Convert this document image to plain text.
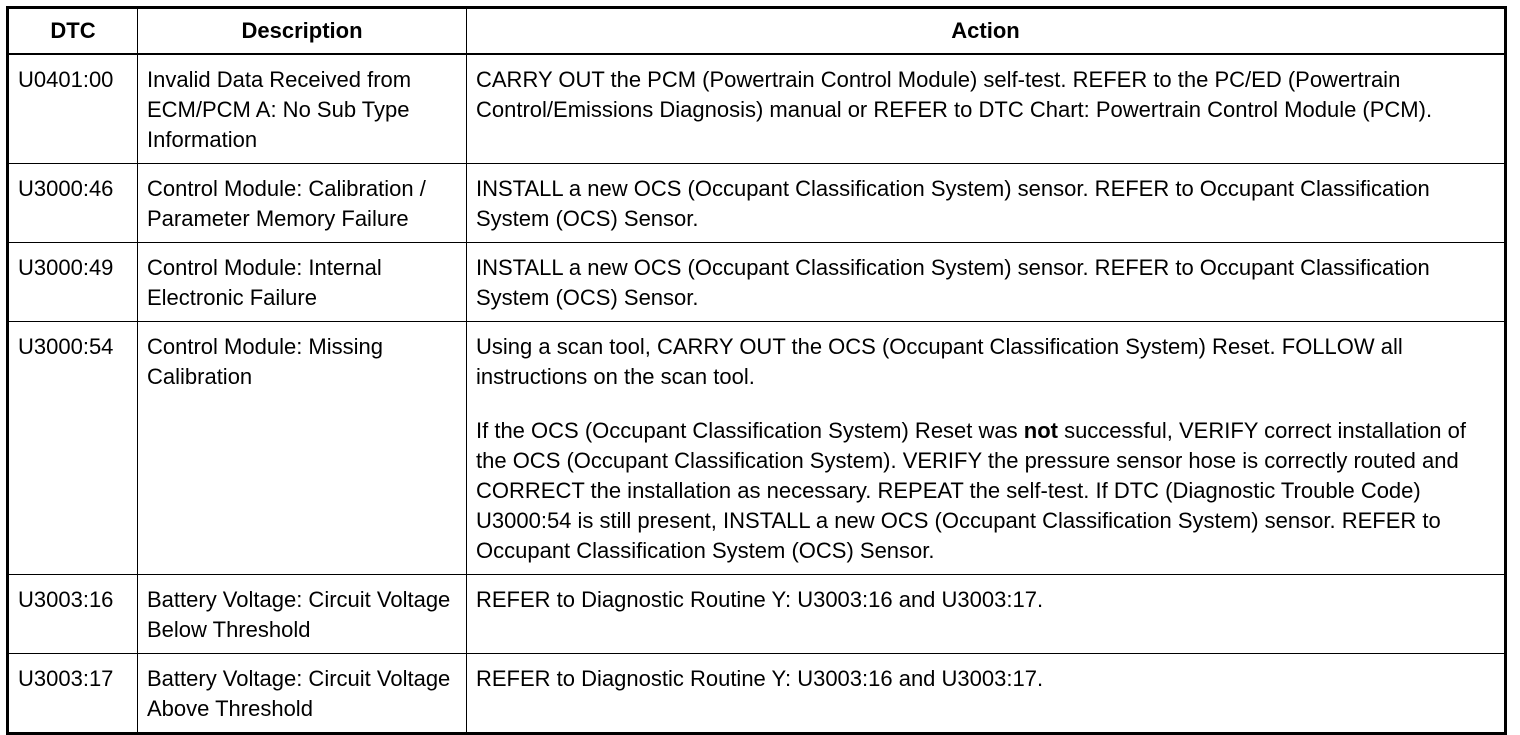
DTC	Description	Action
U0401:00	Invalid Data Received from ECM/PCM A: No Sub Type Information	CARRY OUT the PCM (Powertrain Control Module) self-test. REFER to the PC/ED (Powertrain Control/Emissions Diagnosis) manual or REFER to DTC Chart: Powertrain Control Module (PCM).

U3000:46	Control Module: Calibration / Parameter Memory Failure	INSTALL a new OCS (Occupant Classification System) sensor. REFER to Occupant Classification System (OCS) Sensor.

U3000:49	Control Module: Internal Electronic Failure	INSTALL a new OCS (Occupant Classification System) sensor. REFER to Occupant Classification System (OCS) Sensor.

U3000:54	Control Module: Missing Calibration	Using a scan tool, CARRY OUT the OCS (Occupant Classification System) Reset. FOLLOW all instructions on the scan tool.

If the OCS (Occupant Classification System) Reset was not successful, VERIFY correct installation of the OCS (Occupant Classification System). VERIFY the pressure sensor hose is correctly routed and CORRECT the installation as necessary. REPEAT the self-test. If DTC (Diagnostic Trouble Code) U3000:54 is still present, INSTALL a new OCS (Occupant Classification System) sensor. REFER to Occupant Classification System (OCS) Sensor.

U3003:16	Battery Voltage: Circuit Voltage Below Threshold	REFER to Diagnostic Routine Y: U3003:16 and U3003:17.

U3003:17	Battery Voltage: Circuit Voltage Above Threshold	REFER to Diagnostic Routine Y: U3003:16 and U3003:17.
